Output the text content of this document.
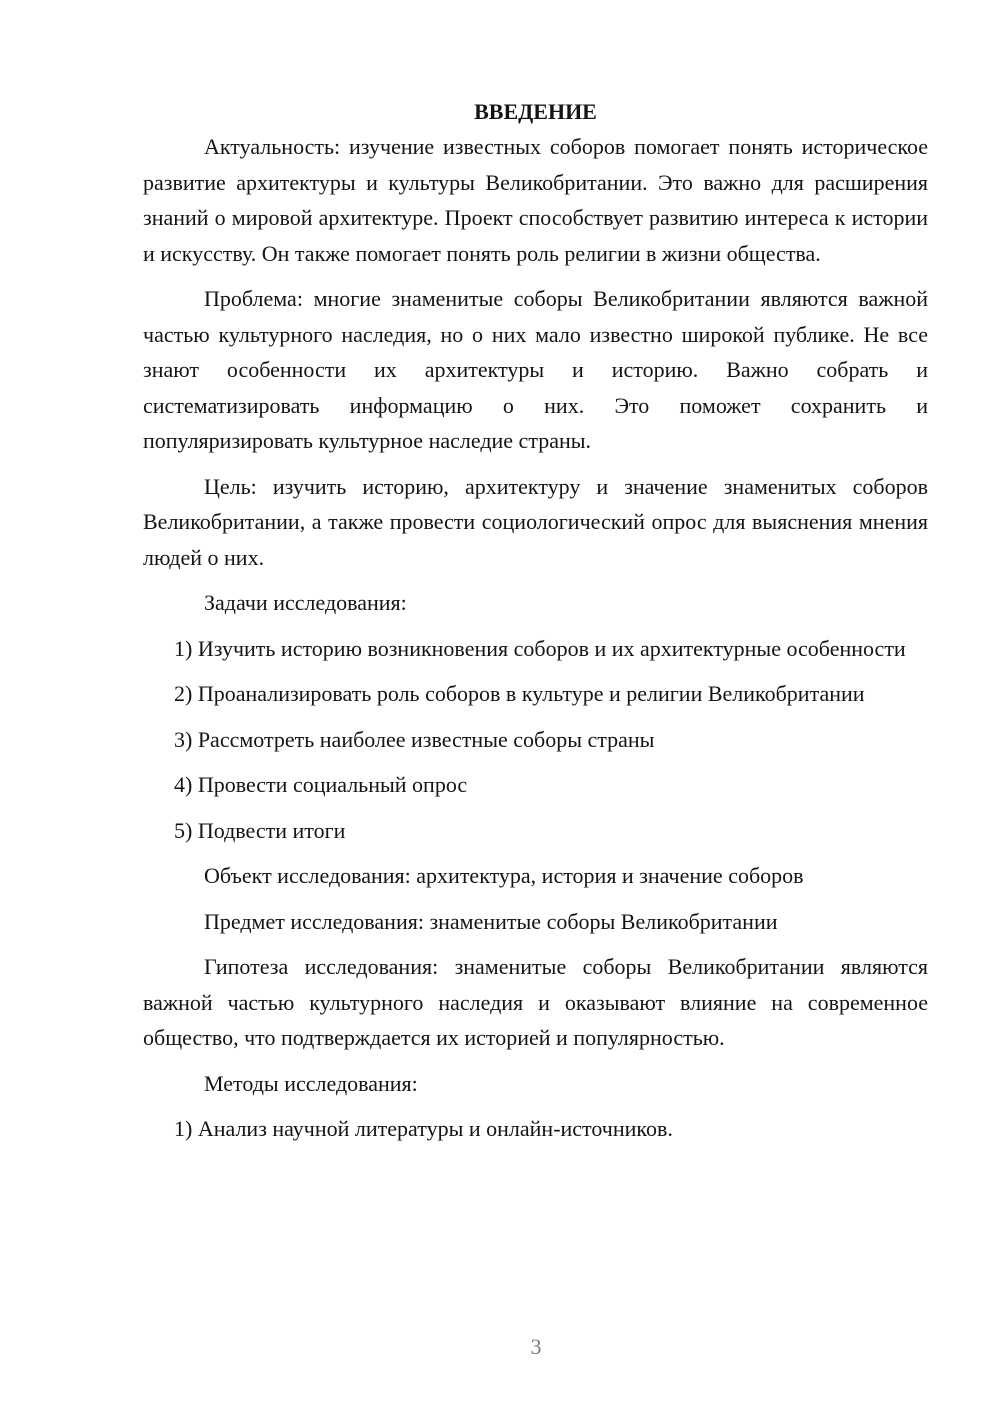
ВВЕДЕНИЕ

Актуальность: изучение известных соборов помогает понять историческое развитие архитектуры и культуры Великобритании. Это важно для расширения знаний о мировой архитектуре. Проект способствует развитию интереса к истории и искусству. Он также помогает понять роль религии в жизни общества.

Проблема: многие знаменитые соборы Великобритании являются важной частью культурного наследия, но о них мало известно широкой публике. Не все знают особенности их архитектуры и историю. Важно собрать и систематизировать информацию о них. Это поможет сохранить и популяризировать культурное наследие страны.

Цель: изучить историю, архитектуру и значение знаменитых соборов Великобритании, а также провести социологический опрос для выяснения мнения людей о них.

Задачи исследования:

1) Изучить историю возникновения соборов и их архитектурные особенности

2) Проанализировать роль соборов в культуре и религии Великобритании

3) Рассмотреть наиболее известные соборы страны

4) Провести социальный опрос

5) Подвести итоги

Объект исследования: архитектура, история и значение соборов

Предмет исследования: знаменитые соборы Великобритании

Гипотеза исследования: знаменитые соборы Великобритании являются важной частью культурного наследия и оказывают влияние на современное общество, что подтверждается их историей и популярностью.

Методы исследования:

1) Анализ научной литературы и онлайн-источников.

3
